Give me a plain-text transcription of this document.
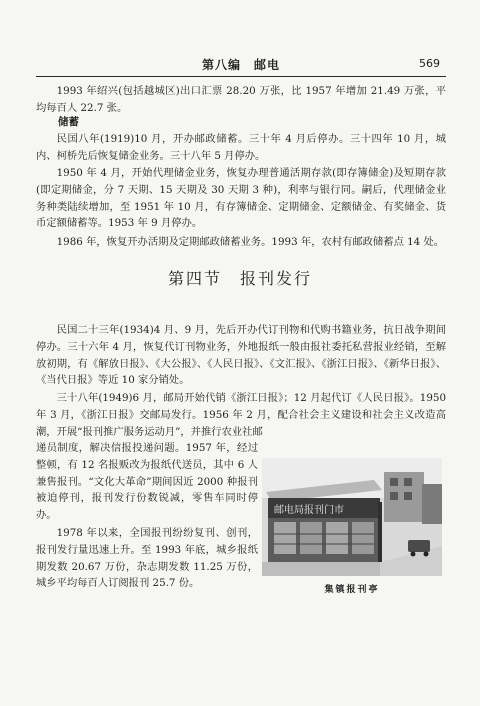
第八编　邮电	569

1993 年绍兴(包括越城区)出口汇票 28.20 万张，比 1957 年增加 21.49 万张，平均每百人 22.7 张。

储蓄

民国八年(1919)10 月，开办邮政储蓄。三十年 4 月后停办。三十四年 10 月，城内、柯桥先后恢复储金业务。三十八年 5 月停办。

1950 年 4 月，开始代理储金业务，恢复办理普通活期存款(即存簿储金)及短期存款(即定期储金，分 7 天期、15 天期及 30 天期 3 种)，利率与银行同。嗣后，代理储金业务种类陆续增加，至 1951 年 10 月，有存簿储金、定期储金、定额储金、有奖储金、货币定额储蓄等。1953 年 9 月停办。

1986 年，恢复开办活期及定期邮政储蓄业务。1993 年，农村有邮政储蓄点 14 处。

第四节　报刊发行

民国二十三年(1934)4 月、9 月，先后开办代订刊物和代购书籍业务，抗日战争期间停办。三十六年 4 月，恢复代订刊物业务，外地报纸一般由报社委托私营报业经销，至解放初期，有《解放日报》、《大公报》、《人民日报》、《文汇报》、《浙江日报》、《新华日报》、《当代日报》等近 10 家分销处。

三十八年(1949)6 月，邮局开始代销《浙江日报》；12 月起代订《人民日报》。1950 年 3 月，《浙江日报》交邮局发行。1956 年 2 月，配合社会主义建设和社会主义改造高潮，开展“报刊推广服务运动月”，并推行农业社邮

递员制度，解决信报投递问题。1957 年，经过整顿，有 12 名报贩改为报纸代送员，其中 6 人兼售报刊。“文化大革命”期间因近 2000 种报刊被迫停刊，报刊发行份数锐减，零售车同时停办。

1978 年以来，全国报刊纷纷复刊、创刊，报刊发行量迅速上升。至 1993 年底，城乡报纸期发数 20.67 万份，杂志期发数 11.25 万份，城乡平均每百人订阅报刊 25.7 份。

邮电局报刊门市
集镇报刊亭
